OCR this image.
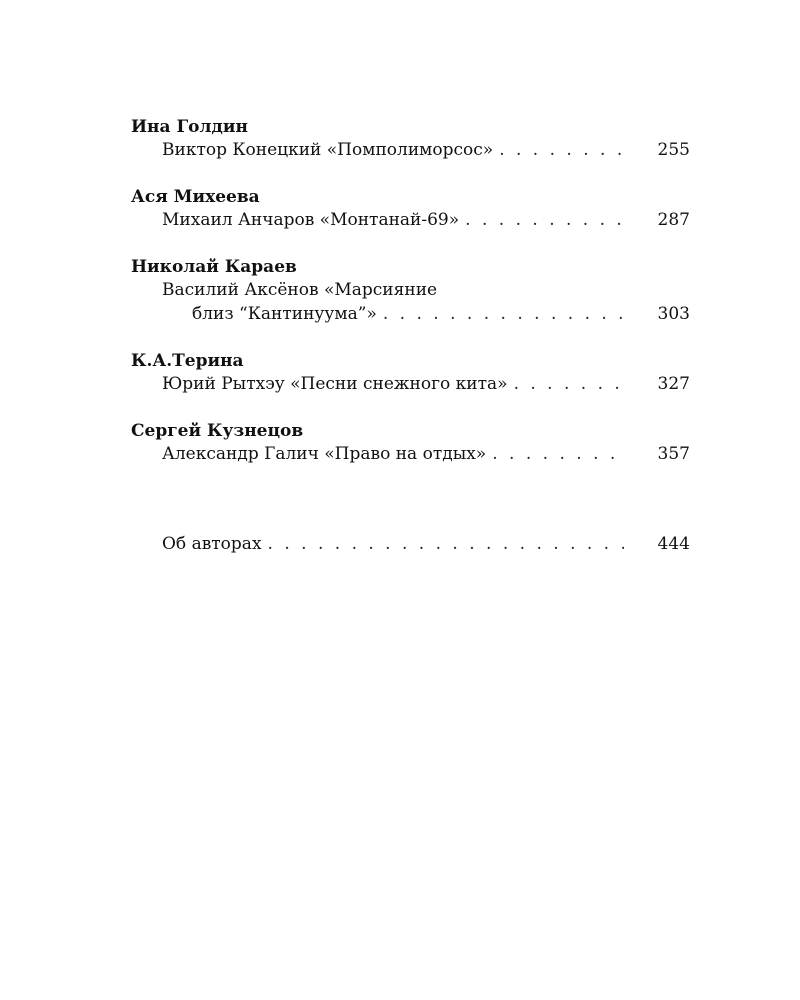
Ина Голдин
Виктор Конецкий «Помполиморсос» . . .	255
Ася Михеева
Михаил Анчаров «Монтанай-69» . . .	287
Николай Караев
Василий Аксёнов «Марсияние
близ “Кантинуума”» . . .	303
К.А.Терина
Юрий Рытхэу «Песни снежного кита» . . .	327
Сергей Кузнецов
Александр Галич «Право на отдых» . . .	357
Об авторах . . .	444
